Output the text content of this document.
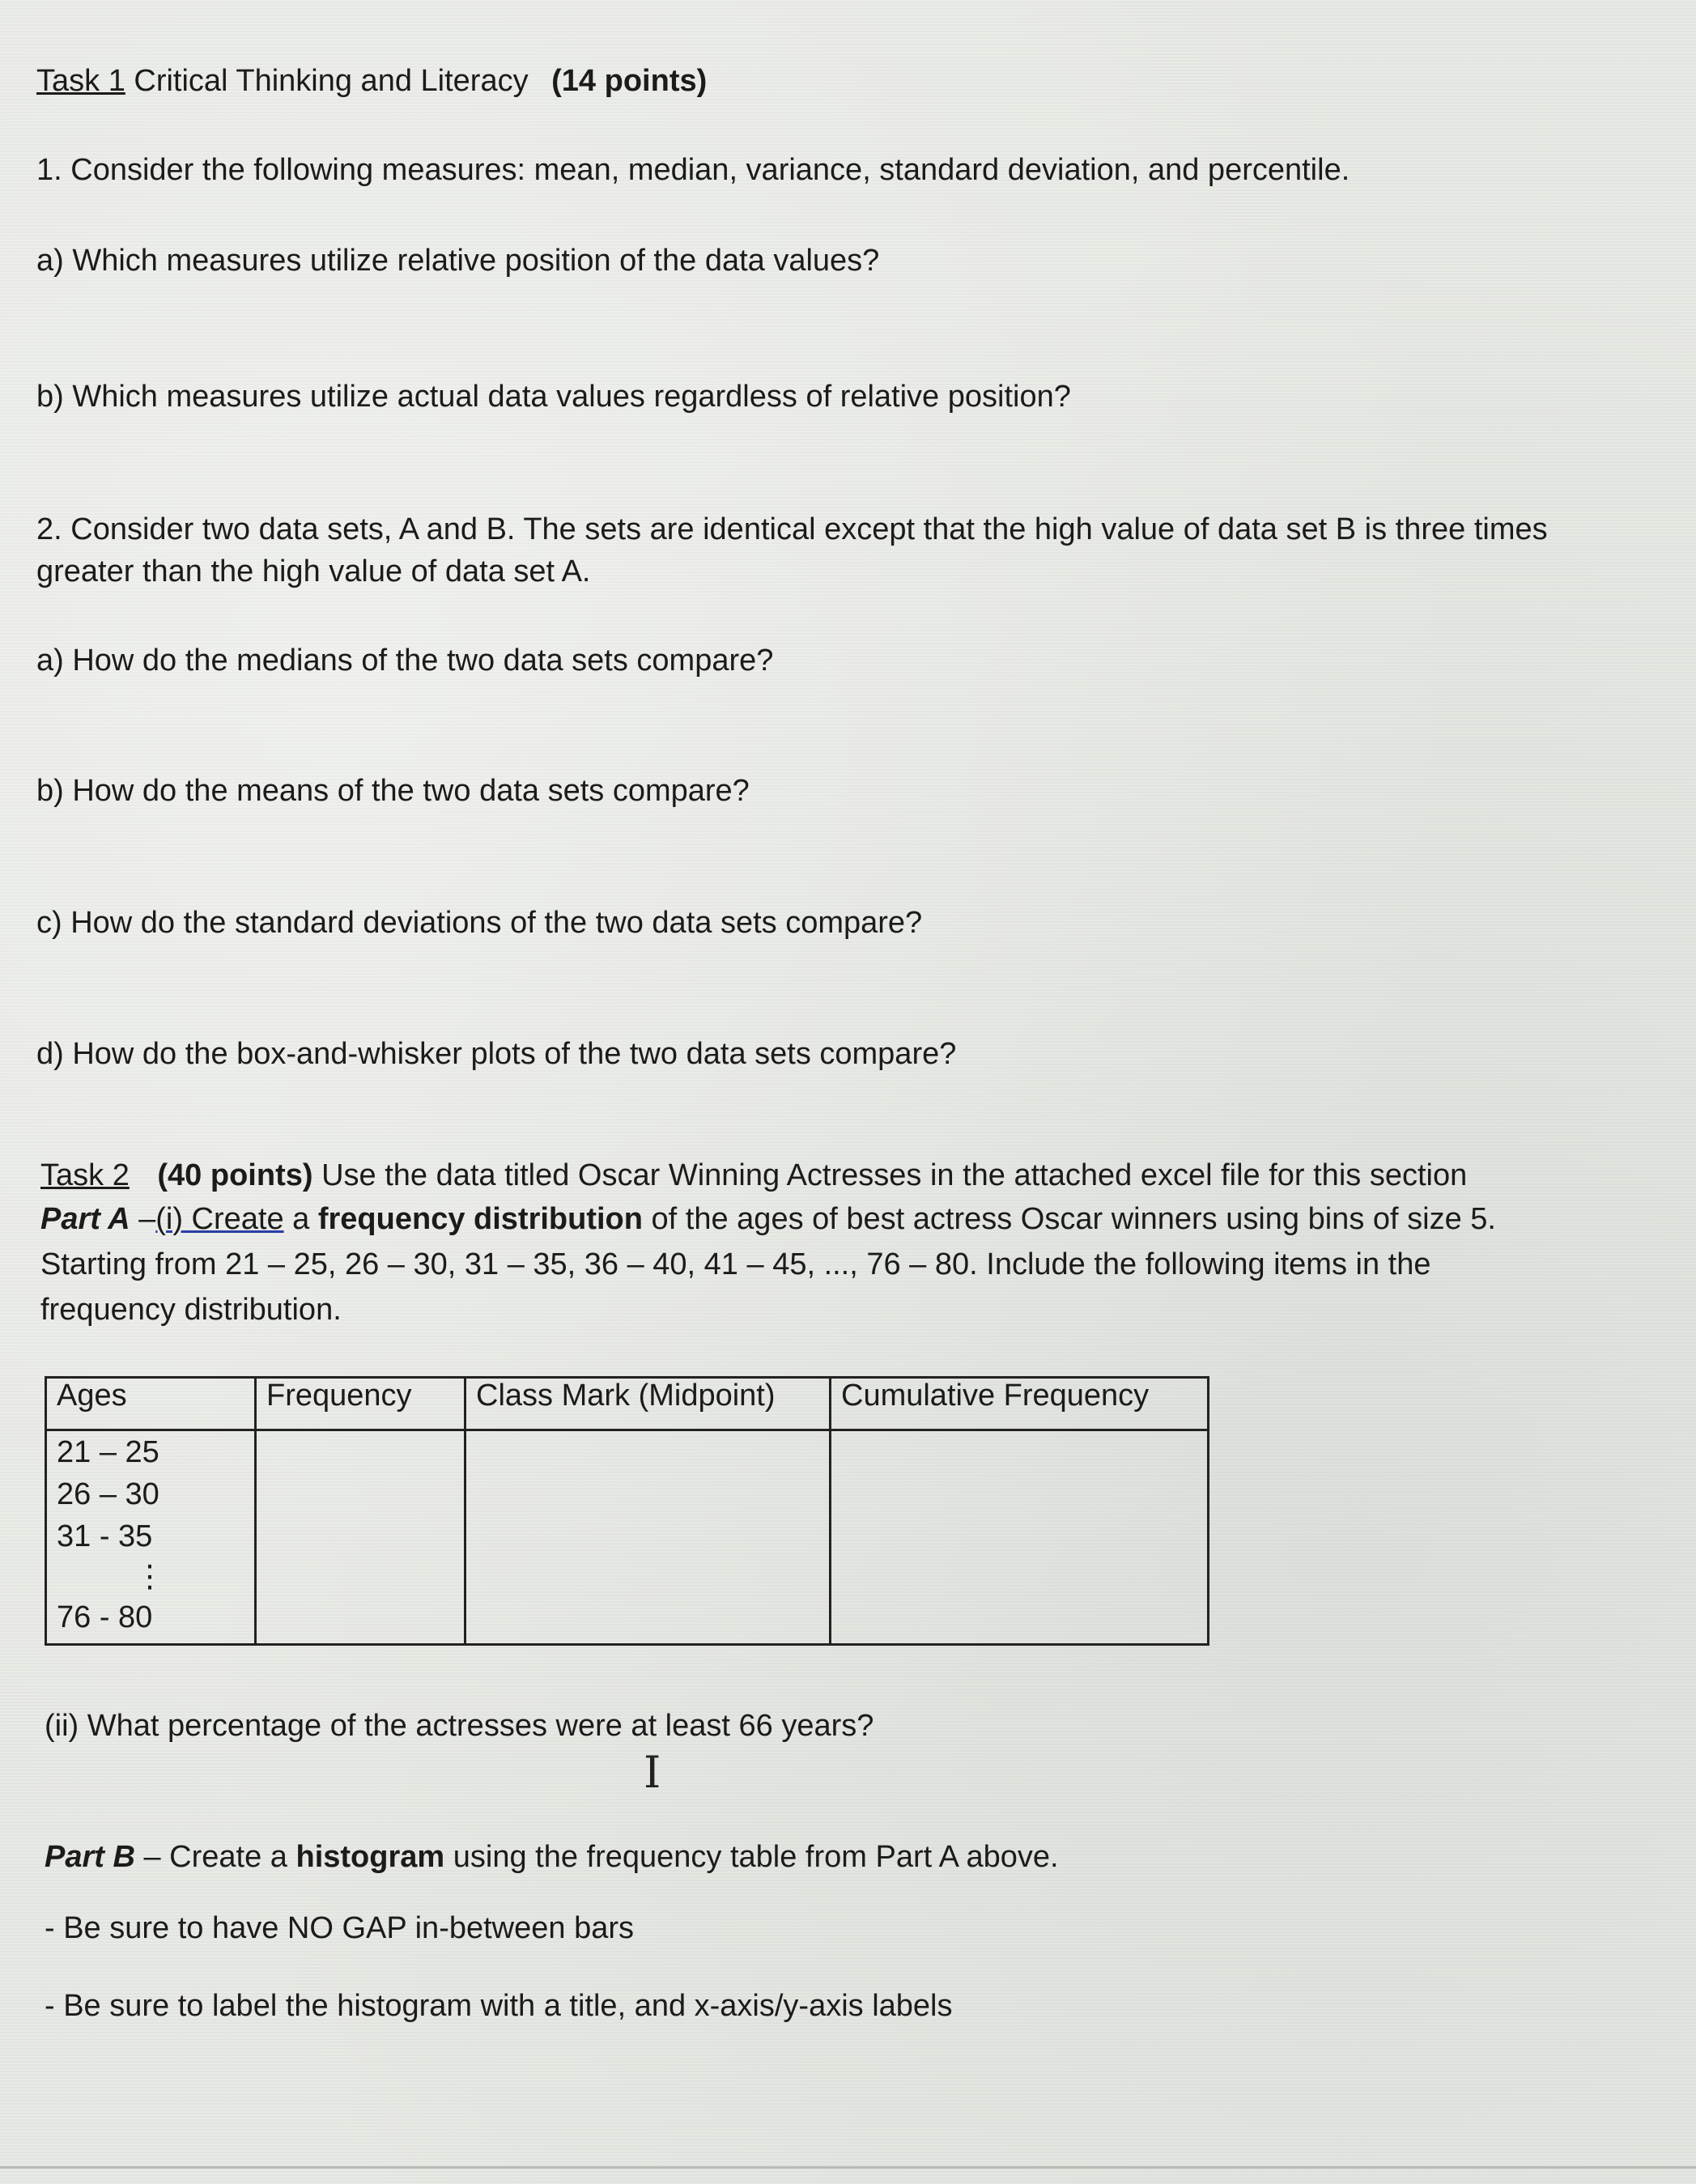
Task 1 Critical Thinking and Literacy (14 points)
1. Consider the following measures: mean, median, variance, standard deviation, and percentile.
a) Which measures utilize relative position of the data values?
b) Which measures utilize actual data values regardless of relative position?
2. Consider two data sets, A and B. The sets are identical except that the high value of data set B is three times
greater than the high value of data set A.
a) How do the medians of the two data sets compare?
b) How do the means of the two data sets compare?
c) How do the standard deviations of the two data sets compare?
d) How do the box-and-whisker plots of the two data sets compare?
Task 2 (40 points) Use the data titled Oscar Winning Actresses in the attached excel file for this section
Part A –(i) Create a frequency distribution of the ages of best actress Oscar winners using bins of size 5.
Starting from 21 – 25, 26 – 30, 31 – 35, 36 – 40, 41 – 45, ..., 76 – 80. Include the following items in the
frequency distribution.
Ages	Frequency	Class Mark (Midpoint)	Cumulative Frequency

21 – 25
26 – 30
31 - 35
⋮
76 - 80			

(ii) What percentage of the actresses were at least 66 years?
I
Part B – Create a histogram using the frequency table from Part A above.
- Be sure to have NO GAP in-between bars
- Be sure to label the histogram with a title, and x-axis/y-axis labels
